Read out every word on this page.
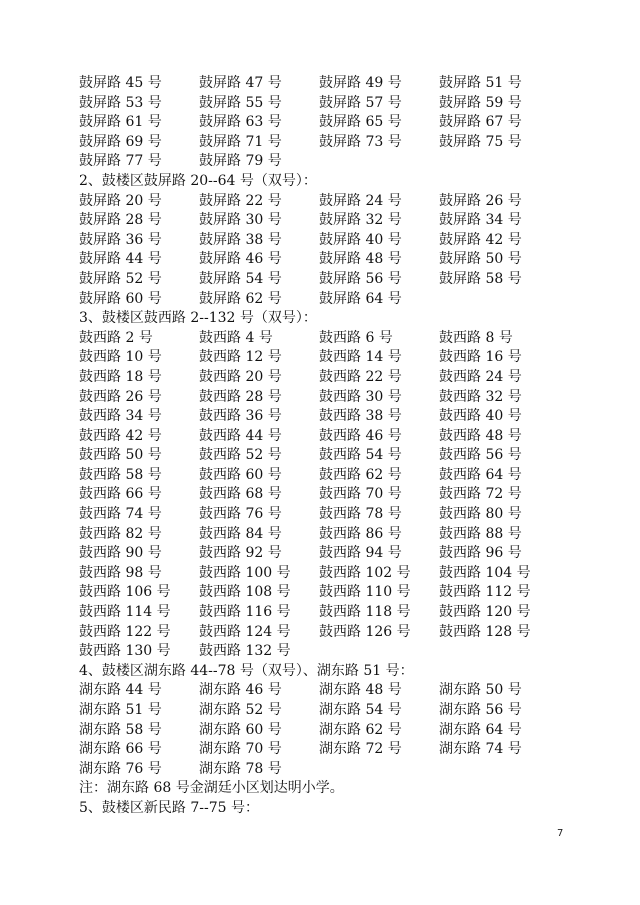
鼓屏路 45 号	鼓屏路 47 号	鼓屏路 49 号	鼓屏路 51 号
鼓屏路 53 号	鼓屏路 55 号	鼓屏路 57 号	鼓屏路 59 号
鼓屏路 61 号	鼓屏路 63 号	鼓屏路 65 号	鼓屏路 67 号
鼓屏路 69 号	鼓屏路 71 号	鼓屏路 73 号	鼓屏路 75 号
鼓屏路 77 号	鼓屏路 79 号
2、鼓楼区鼓屏路 20--64 号（双号）：
鼓屏路 20 号	鼓屏路 22 号	鼓屏路 24 号	鼓屏路 26 号
鼓屏路 28 号	鼓屏路 30 号	鼓屏路 32 号	鼓屏路 34 号
鼓屏路 36 号	鼓屏路 38 号	鼓屏路 40 号	鼓屏路 42 号
鼓屏路 44 号	鼓屏路 46 号	鼓屏路 48 号	鼓屏路 50 号
鼓屏路 52 号	鼓屏路 54 号	鼓屏路 56 号	鼓屏路 58 号
鼓屏路 60 号	鼓屏路 62 号	鼓屏路 64 号
3、鼓楼区鼓西路 2--132 号（双号）：
鼓西路 2 号	鼓西路 4 号	鼓西路 6 号	鼓西路 8 号
鼓西路 10 号	鼓西路 12 号	鼓西路 14 号	鼓西路 16 号
鼓西路 18 号	鼓西路 20 号	鼓西路 22 号	鼓西路 24 号
鼓西路 26 号	鼓西路 28 号	鼓西路 30 号	鼓西路 32 号
鼓西路 34 号	鼓西路 36 号	鼓西路 38 号	鼓西路 40 号
鼓西路 42 号	鼓西路 44 号	鼓西路 46 号	鼓西路 48 号
鼓西路 50 号	鼓西路 52 号	鼓西路 54 号	鼓西路 56 号
鼓西路 58 号	鼓西路 60 号	鼓西路 62 号	鼓西路 64 号
鼓西路 66 号	鼓西路 68 号	鼓西路 70 号	鼓西路 72 号
鼓西路 74 号	鼓西路 76 号	鼓西路 78 号	鼓西路 80 号
鼓西路 82 号	鼓西路 84 号	鼓西路 86 号	鼓西路 88 号
鼓西路 90 号	鼓西路 92 号	鼓西路 94 号	鼓西路 96 号
鼓西路 98 号	鼓西路 100 号	鼓西路 102 号	鼓西路 104 号
鼓西路 106 号	鼓西路 108 号	鼓西路 110 号	鼓西路 112 号
鼓西路 114 号	鼓西路 116 号	鼓西路 118 号	鼓西路 120 号
鼓西路 122 号	鼓西路 124 号	鼓西路 126 号	鼓西路 128 号
鼓西路 130 号	鼓西路 132 号
4、鼓楼区湖东路 44--78 号（双号）、湖东路 51 号：
湖东路 44 号	湖东路 46 号	湖东路 48 号	湖东路 50 号
湖东路 51 号	湖东路 52 号	湖东路 54 号	湖东路 56 号
湖东路 58 号	湖东路 60 号	湖东路 62 号	湖东路 64 号
湖东路 66 号	湖东路 70 号	湖东路 72 号	湖东路 74 号
湖东路 76 号	湖东路 78 号
注：湖东路 68 号金湖廷小区划达明小学。
5、鼓楼区新民路 7--75 号：
7
